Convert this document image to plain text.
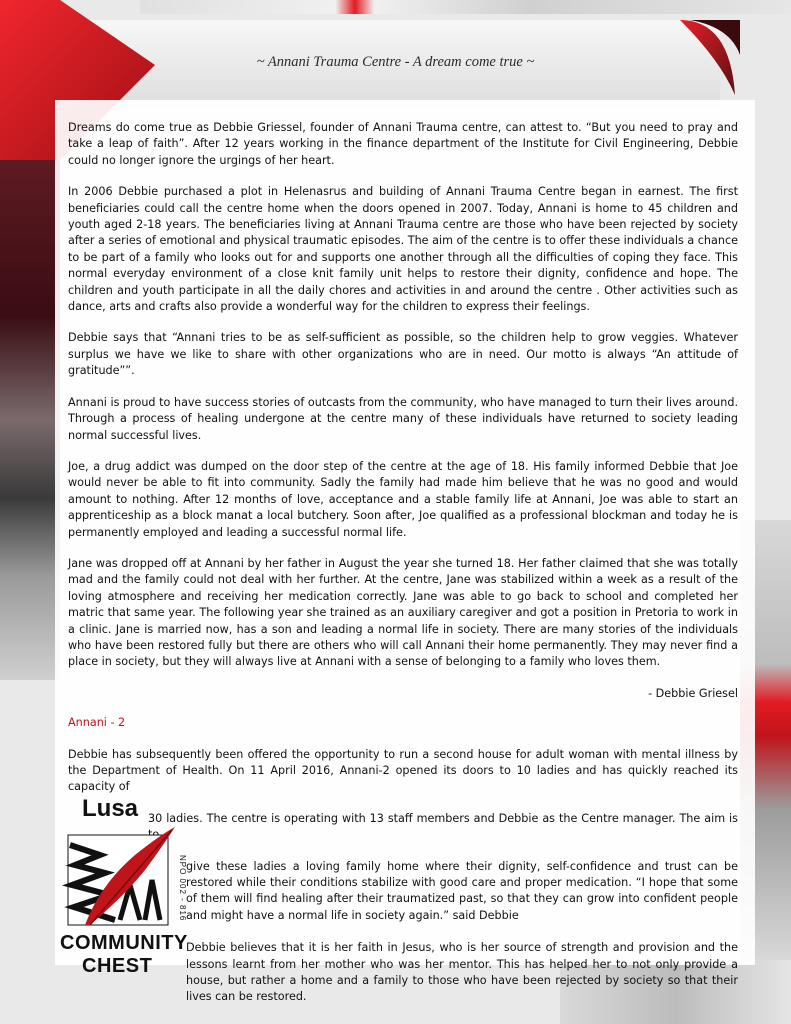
~ Annani Trauma Centre - A dream come true ~

Dreams do come true as Debbie Griessel, founder of Annani Trauma centre, can attest to. “But you need to pray and take a leap of faith”. After 12 years working in the finance department of the Institute for Civil Engineering, Debbie could no longer ignore the urgings of her heart.

In 2006 Debbie purchased a plot in Helenasrus and building of Annani Trauma Centre began in earnest. The first beneficiaries could call the centre home when the doors opened in 2007. Today, Annani is home to 45 children and youth aged 2-18 years. The beneficiaries living at Annani Trauma centre are those who have been rejected by society after a series of emotional and physical traumatic episodes. The aim of the centre is to offer these individuals a chance to be part of a family who looks out for and supports one another through all the difficulties of coping they face. This normal everyday environment of a close knit family unit helps to restore their dignity, confidence and hope. The children and youth participate in all the daily chores and activities in and around the centre . Other activities such as dance, arts and crafts also provide a wonderful way for the children to express their feelings.

Debbie says that “Annani tries to be as self-sufficient as possible, so the children help to grow veggies. Whatever surplus we have we like to share with other organizations who are in need. Our motto is always “An attitude of gratitude””.

Annani is proud to have success stories of outcasts from the community, who have managed to turn their lives around. Through a process of healing undergone at the centre many of these individuals have returned to society leading normal successful lives.

Joe, a drug addict was dumped on the door step of the centre at the age of 18. His family informed Debbie that Joe would never be able to fit into community. Sadly the family had made him believe that he was no good and would amount to nothing. After 12 months of love, acceptance and a stable family life at Annani, Joe was able to start an apprenticeship as a block manat a local butchery. Soon after, Joe qualified as a professional blockman and today he is permanently employed and leading a successful normal life.

Jane was dropped off at Annani by her father in August the year she turned 18. Her father claimed that she was totally mad and the family could not deal with her further. At the centre, Jane was stabilized within a week as a result of the loving atmosphere and receiving her medication correctly. Jane was able to go back to school and completed her matric that same year. The following year she trained as an auxiliary caregiver and got a position in Pretoria to work in a clinic. Jane is married now, has a son and leading a normal life in society. There are many stories of the individuals who have been restored fully but there are others who will call Annani their home permanently. They may never find a place in society, but they will always live at Annani with a sense of belonging to a family who loves them.

- Debbie Griesel

Annani - 2

Debbie has subsequently been offered the opportunity to run a second house for adult woman with mental illness by the Department of Health. On 11 April 2016, Annani-2 opened its doors to 10 ladies and has quickly reached its capacity of

30 ladies. The centre is operating with 13 staff members and Debbie as the Centre manager. The aim is

give these ladies a loving family home where their dignity, self-confidence and trust can be restored while their conditions stabilize with good care and proper medication. “I hope that some of them will find healing after their traumatized past, so that they can grow into confident people and might have a normal life in society again.” said Debbie

Debbie believes that it is her faith in Jesus, who is her source of strength and provision and the lessons learnt from her mother who was her mentor. This has helped her to not only provide a house, but rather a home and a family to those who have been rejected by society so that their lives can be restored.

Lusa
NPO 002 - 816
COMMUNITY
CHEST
